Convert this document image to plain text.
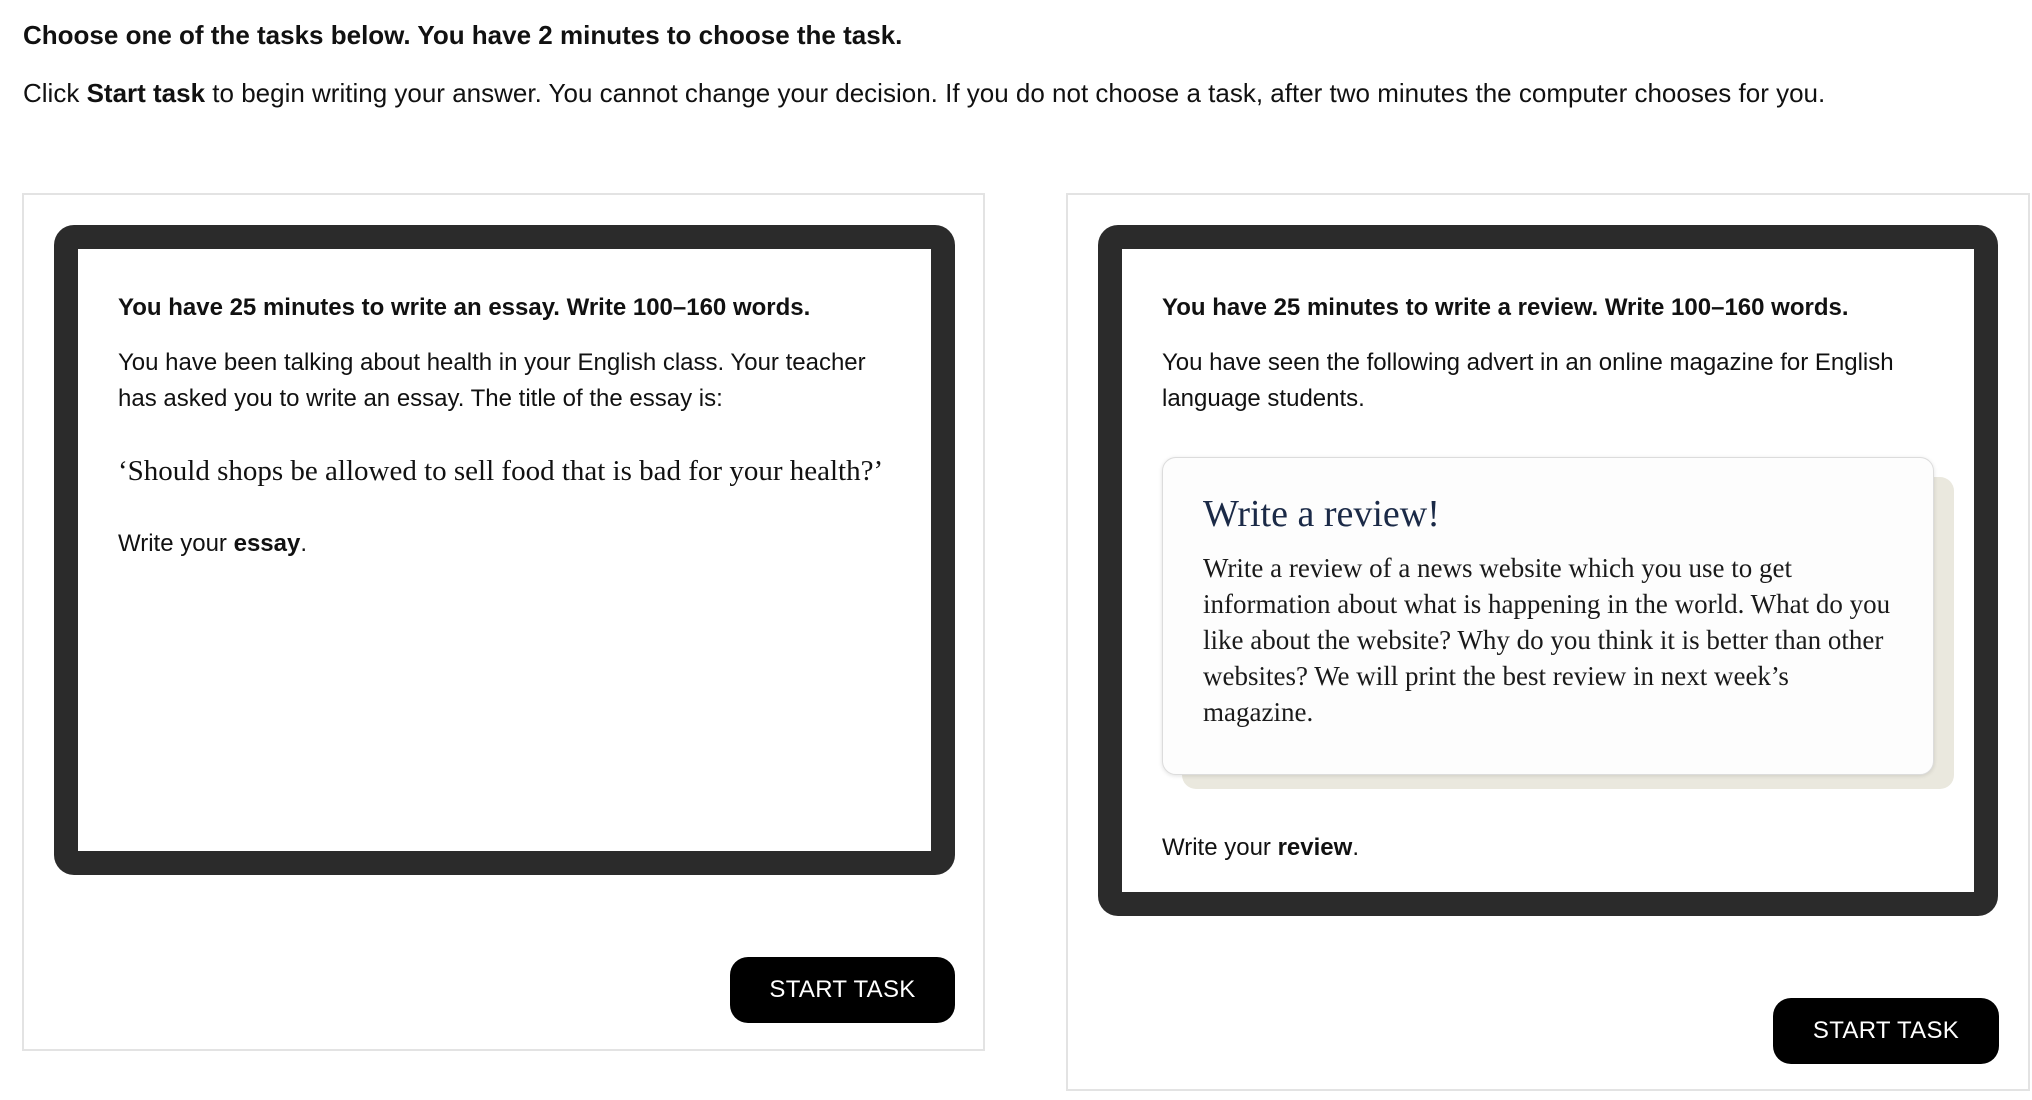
Choose one of the tasks below. You have 2 minutes to choose the task.
Click Start task to begin writing your answer. You cannot change your decision. If you do not choose a task, after two minutes the computer chooses for you.

You have 25 minutes to write an essay. Write 100–160 words.

You have been talking about health in your English class. Your teacher has asked you to write an essay. The title of the essay is:

‘Should shops be allowed to sell food that is bad for your health?’

Write your essay.

START TASK

You have 25 minutes to write a review. Write 100–160 words.

You have seen the following advert in an online magazine for English language students.

Write a review!

Write a review of a news website which you use to get information about what is happening in the world. What do you like about the website? Why do you think it is better than other websites? We will print the best review in next week’s magazine.

Write your review.

START TASK
